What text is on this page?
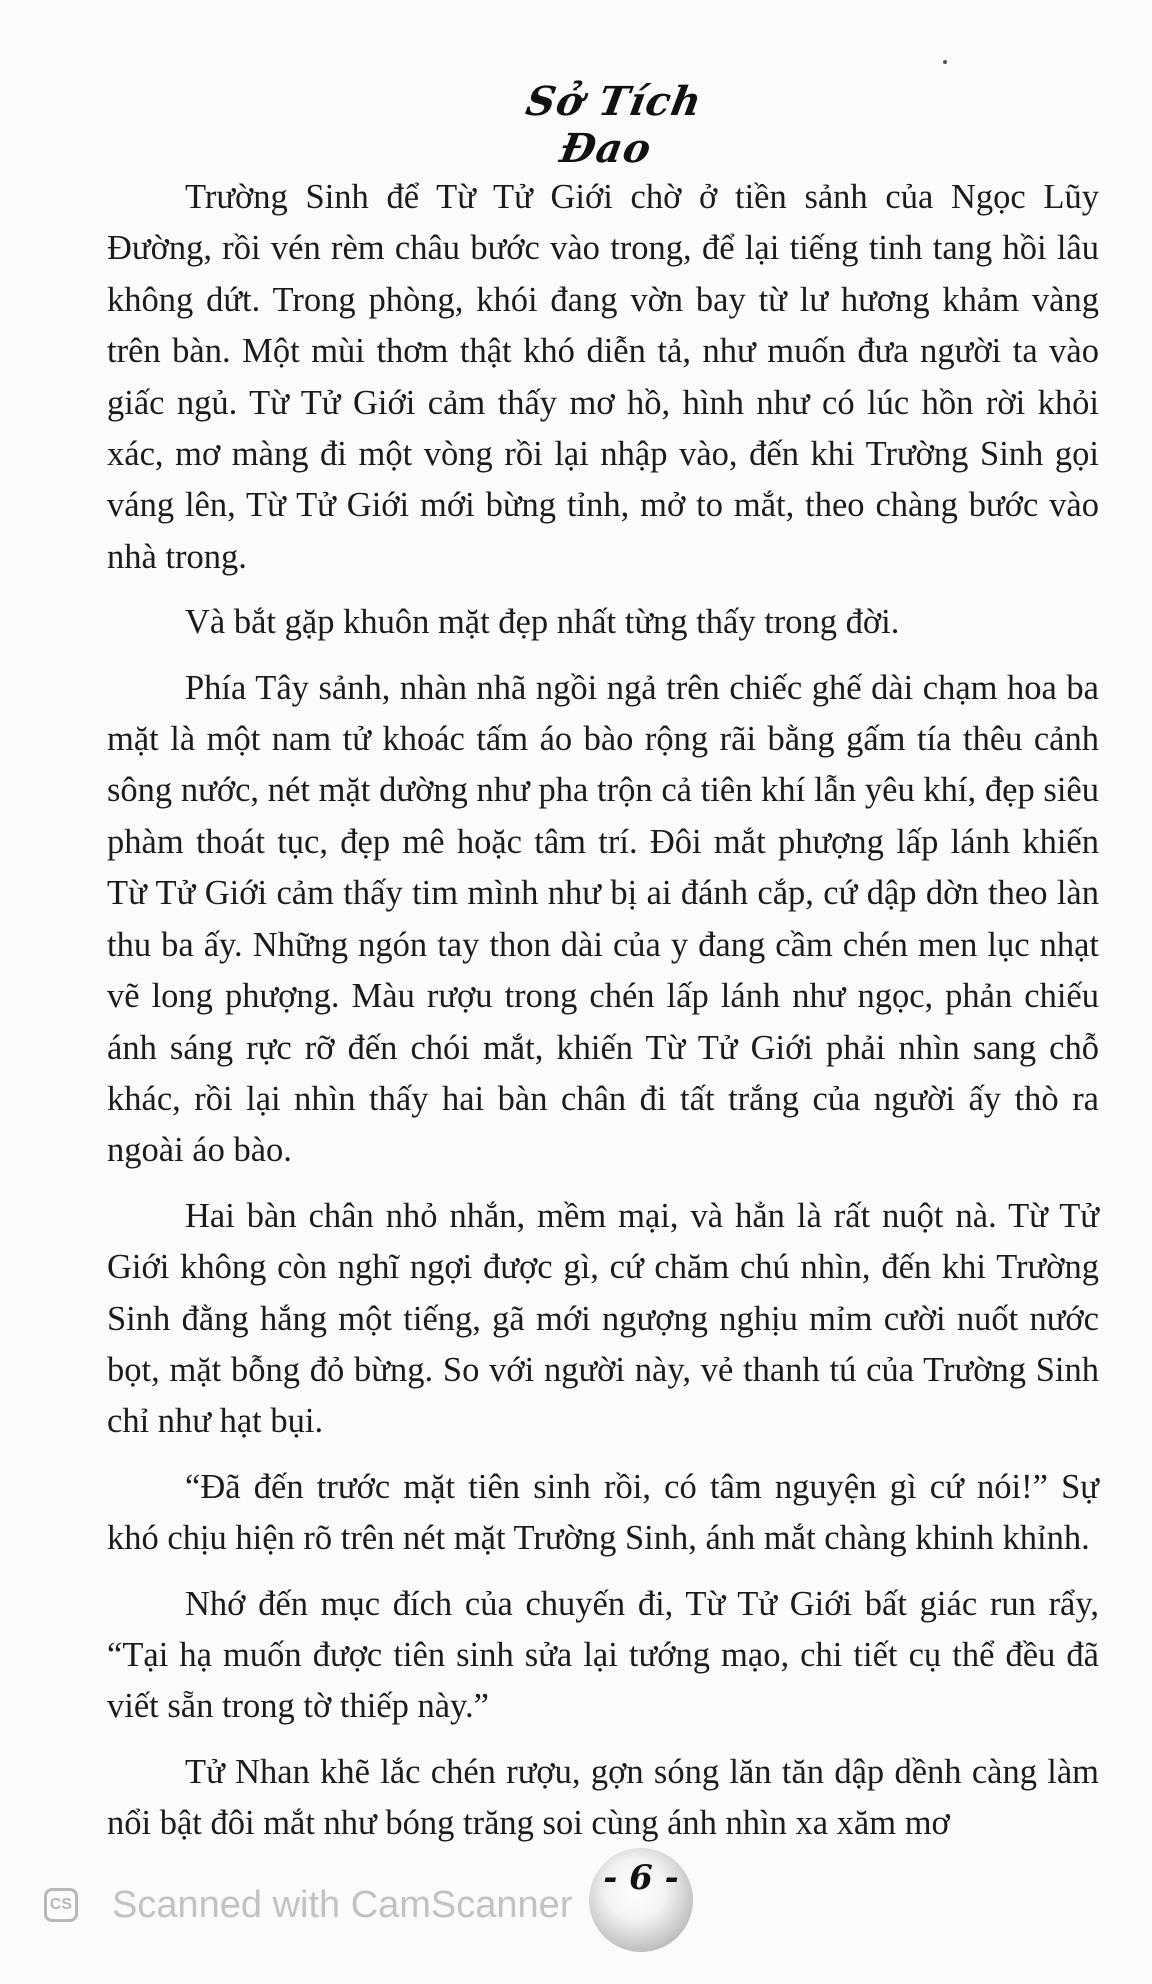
Sở Tích Đao

Trường Sinh để Từ Tử Giới chờ ở tiền sảnh của Ngọc Lũy Đường, rồi vén rèm châu bước vào trong, để lại tiếng tinh tang hồi lâu không dứt. Trong phòng, khói đang vờn bay từ lư hương khảm vàng trên bàn. Một mùi thơm thật khó diễn tả, như muốn đưa người ta vào giấc ngủ. Từ Tử Giới cảm thấy mơ hồ, hình như có lúc hồn rời khỏi xác, mơ màng đi một vòng rồi lại nhập vào, đến khi Trường Sinh gọi váng lên, Từ Tử Giới mới bừng tỉnh, mở to mắt, theo chàng bước vào nhà trong.

Và bắt gặp khuôn mặt đẹp nhất từng thấy trong đời.

Phía Tây sảnh, nhàn nhã ngồi ngả trên chiếc ghế dài chạm hoa ba mặt là một nam tử khoác tấm áo bào rộng rãi bằng gấm tía thêu cảnh sông nước, nét mặt dường như pha trộn cả tiên khí lẫn yêu khí, đẹp siêu phàm thoát tục, đẹp mê hoặc tâm trí. Đôi mắt phượng lấp lánh khiến Từ Tử Giới cảm thấy tim mình như bị ai đánh cắp, cứ dập dờn theo làn thu ba ấy. Những ngón tay thon dài của y đang cầm chén men lục nhạt vẽ long phượng. Màu rượu trong chén lấp lánh như ngọc, phản chiếu ánh sáng rực rỡ đến chói mắt, khiến Từ Tử Giới phải nhìn sang chỗ khác, rồi lại nhìn thấy hai bàn chân đi tất trắng của người ấy thò ra ngoài áo bào.

Hai bàn chân nhỏ nhắn, mềm mại, và hẳn là rất nuột nà. Từ Tử Giới không còn nghĩ ngợi được gì, cứ chăm chú nhìn, đến khi Trường Sinh đằng hắng một tiếng, gã mới ngượng nghịu mỉm cười nuốt nước bọt, mặt bỗng đỏ bừng. So với người này, vẻ thanh tú của Trường Sinh chỉ như hạt bụi.

“Đã đến trước mặt tiên sinh rồi, có tâm nguyện gì cứ nói!” Sự khó chịu hiện rõ trên nét mặt Trường Sinh, ánh mắt chàng khinh khỉnh.

Nhớ đến mục đích của chuyến đi, Từ Tử Giới bất giác run rẩy, “Tại hạ muốn được tiên sinh sửa lại tướng mạo, chi tiết cụ thể đều đã viết sẵn trong tờ thiếp này.”

Tử Nhan khẽ lắc chén rượu, gợn sóng lăn tăn dập dềnh càng làm nổi bật đôi mắt như bóng trăng soi cùng ánh nhìn xa xăm mơ

CS Scanned with CamScanner
- 6 -
